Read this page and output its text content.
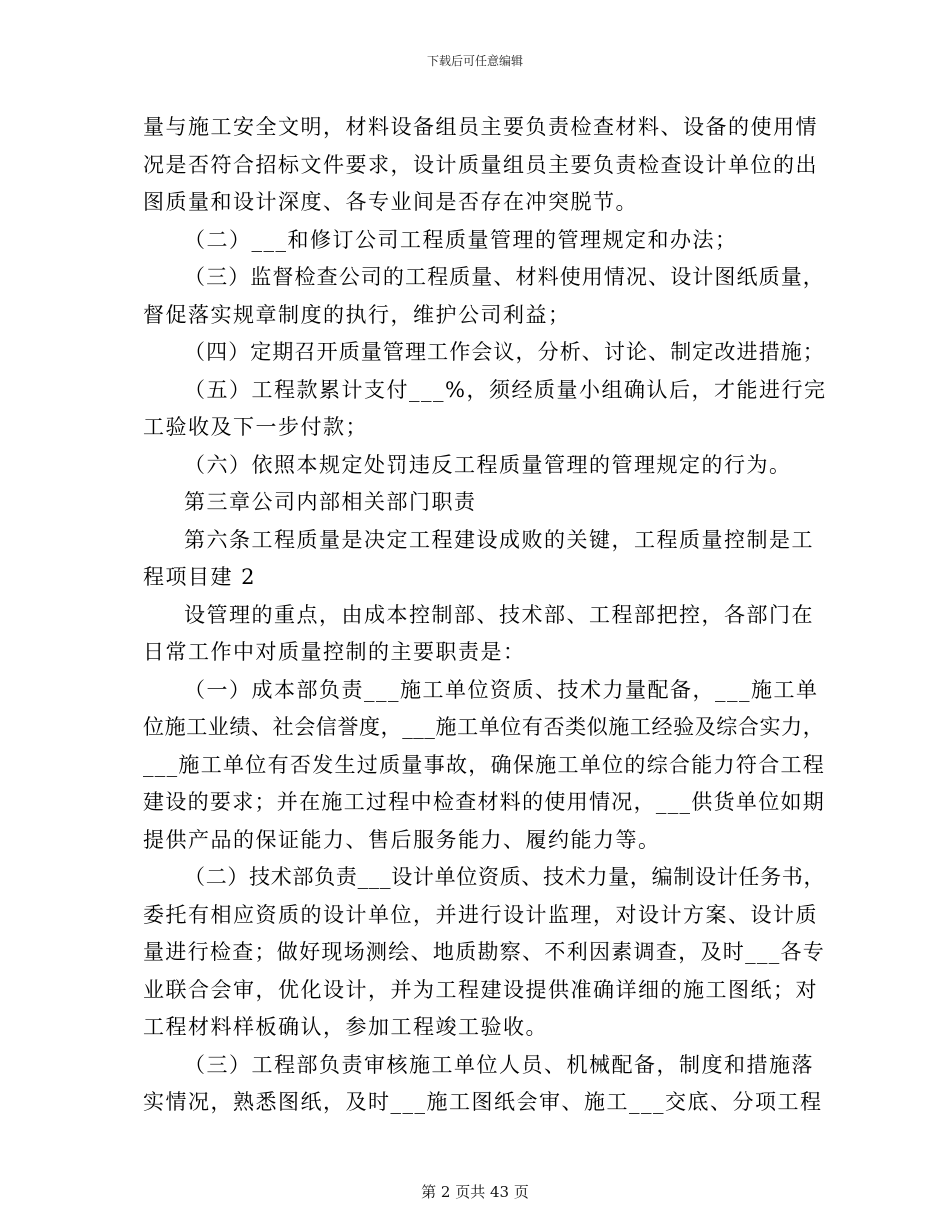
下载后可任意编辑
量与施工安全文明，材料设备组员主要负责检查材料、设备的使用情
况是否符合招标文件要求，设计质量组员主要负责检查设计单位的出
图质量和设计深度、各专业间是否存在冲突脱节。
（二）___和修订公司工程质量管理的管理规定和办法；
（三）监督检查公司的工程质量、材料使用情况、设计图纸质量，
督促落实规章制度的执行，维护公司利益；
（四）定期召开质量管理工作会议，分析、讨论、制定改进措施；
（五）工程款累计支付___%，须经质量小组确认后，才能进行完
工验收及下一步付款；
（六）依照本规定处罚违反工程质量管理的管理规定的行为。
第三章公司内部相关部门职责
第六条工程质量是决定工程建设成败的关键，工程质量控制是工
程项目建 2
设管理的重点，由成本控制部、技术部、工程部把控，各部门在
日常工作中对质量控制的主要职责是：
（一）成本部负责___施工单位资质、技术力量配备，___施工单
位施工业绩、社会信誉度，___施工单位有否类似施工经验及综合实力，
___施工单位有否发生过质量事故，确保施工单位的综合能力符合工程
建设的要求；并在施工过程中检查材料的使用情况，___供货单位如期
提供产品的保证能力、售后服务能力、履约能力等。
（二）技术部负责___设计单位资质、技术力量，编制设计任务书，
委托有相应资质的设计单位，并进行设计监理，对设计方案、设计质
量进行检查；做好现场测绘、地质勘察、不利因素调查，及时___各专
业联合会审，优化设计，并为工程建设提供准确详细的施工图纸；对
工程材料样板确认，参加工程竣工验收。
（三）工程部负责审核施工单位人员、机械配备，制度和措施落
实情况，熟悉图纸，及时___施工图纸会审、施工___交底、分项工程
第 2 页共 43 页
